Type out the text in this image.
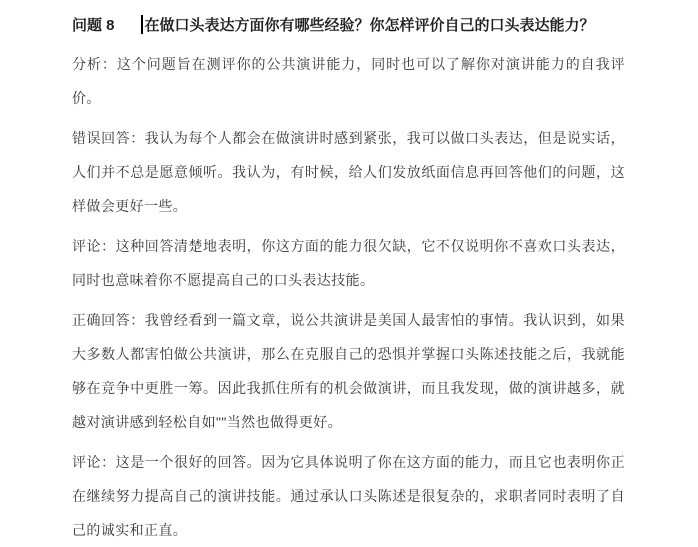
问题 8 在做口头表达方面你有哪些经验？你怎样评价自己的口头表达能力？

分析：这个问题旨在测评你的公共演讲能力，同时也可以了解你对演讲能力的自我评价。

错误回答：我认为每个人都会在做演讲时感到紧张，我可以做口头表达，但是说实话，人们并不总是愿意倾听。我认为，有时候，给人们发放纸面信息再回答他们的问题，这样做会更好一些。

评论：这种回答清楚地表明，你这方面的能力很欠缺，它不仅说明你不喜欢口头表达，同时也意味着你不愿提高自己的口头表达技能。

正确回答：我曾经看到一篇文章，说公共演讲是美国人最害怕的事情。我认识到，如果大多数人都害怕做公共演讲，那么在克服自己的恐惧并掌握口头陈述技能之后，我就能够在竞争中更胜一筹。因此我抓住所有的机会做演讲，而且我发现，做的演讲越多，就越对演讲感到轻松自如""当然也做得更好。

评论：这是一个很好的回答。因为它具体说明了你在这方面的能力，而且它也表明你正在继续努力提高自己的演讲技能。通过承认口头陈述是很复杂的，求职者同时表明了自己的诚实和正直。
